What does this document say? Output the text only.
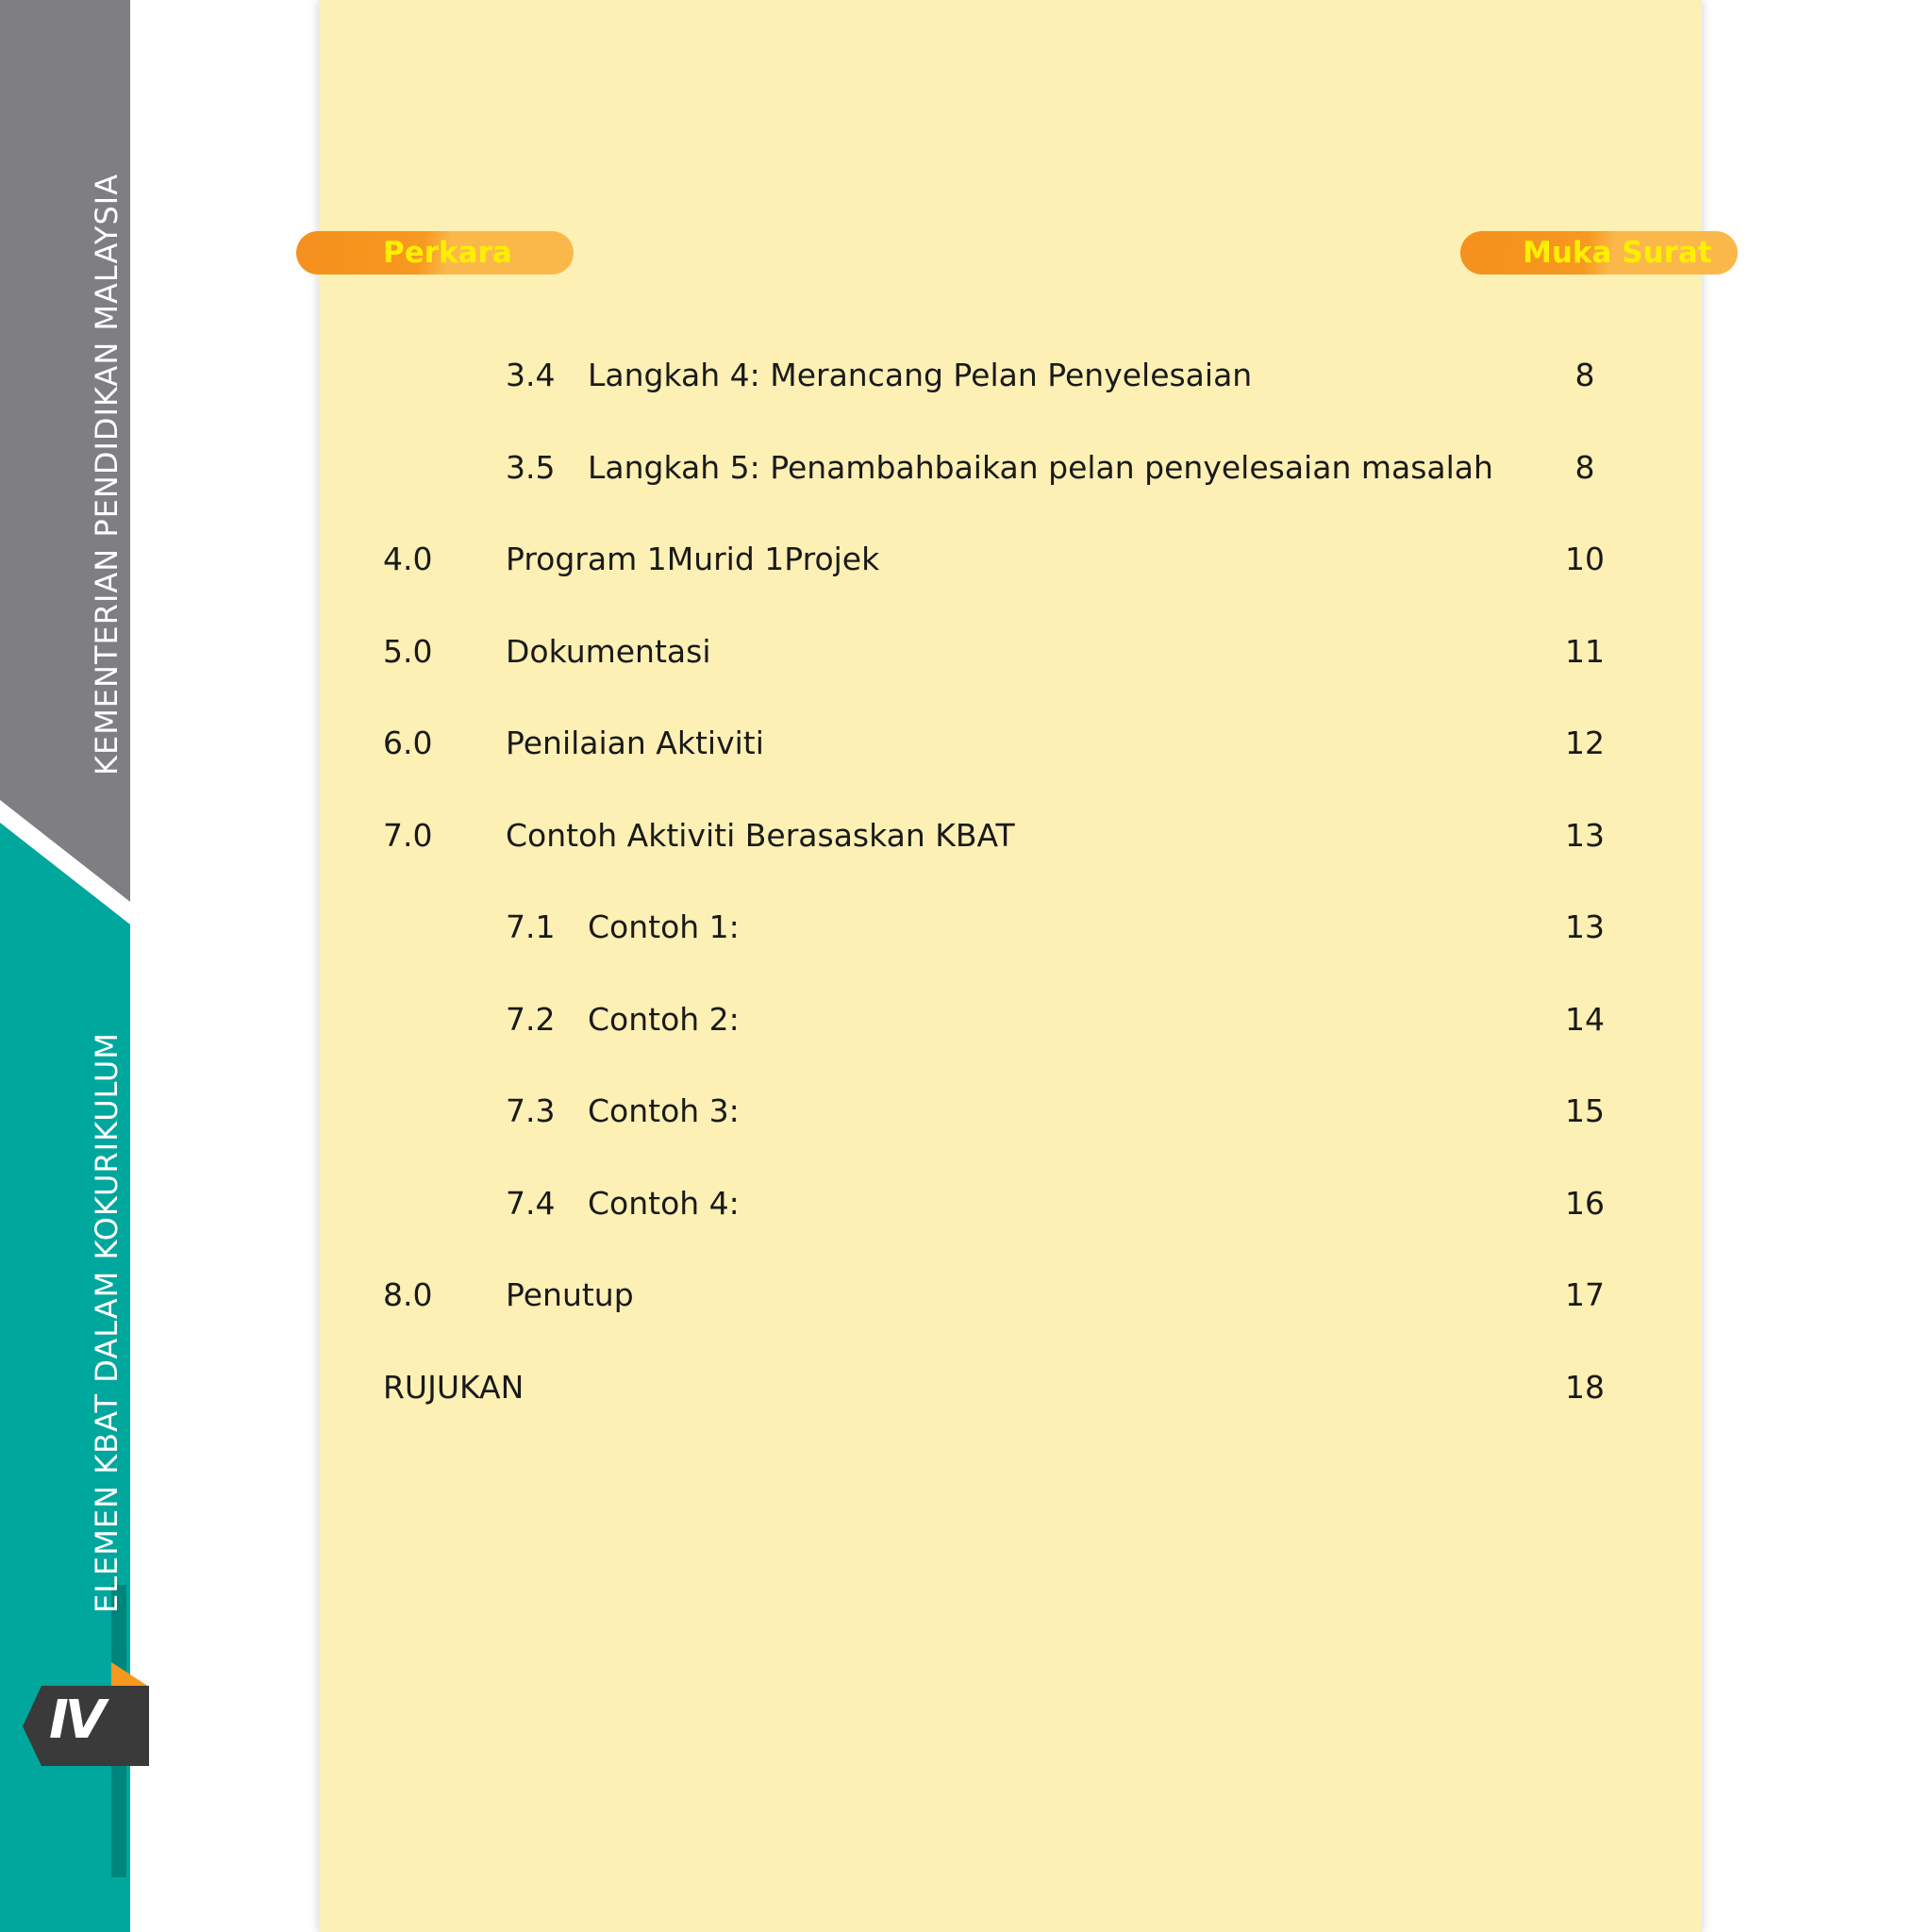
KEMENTERIAN PENDIDIKAN MALAYSIA
ELEMEN KBAT DALAM KOKURIKULUM
IV
Perkara	Muka Surat
3.4 Langkah 4: Merancang Pelan Penyelesaian	8
3.5 Langkah 5: Penambahbaikan pelan penyelesaian masalah	8
4.0 Program 1Murid 1Projek	10
5.0 Dokumentasi	11
6.0 Penilaian Aktiviti	12
7.0 Contoh Aktiviti Berasaskan KBAT	13
7.1 Contoh 1:	13
7.2 Contoh 2:	14
7.3 Contoh 3:	15
7.4 Contoh 4:	16
8.0 Penutup	17
RUJUKAN	18
